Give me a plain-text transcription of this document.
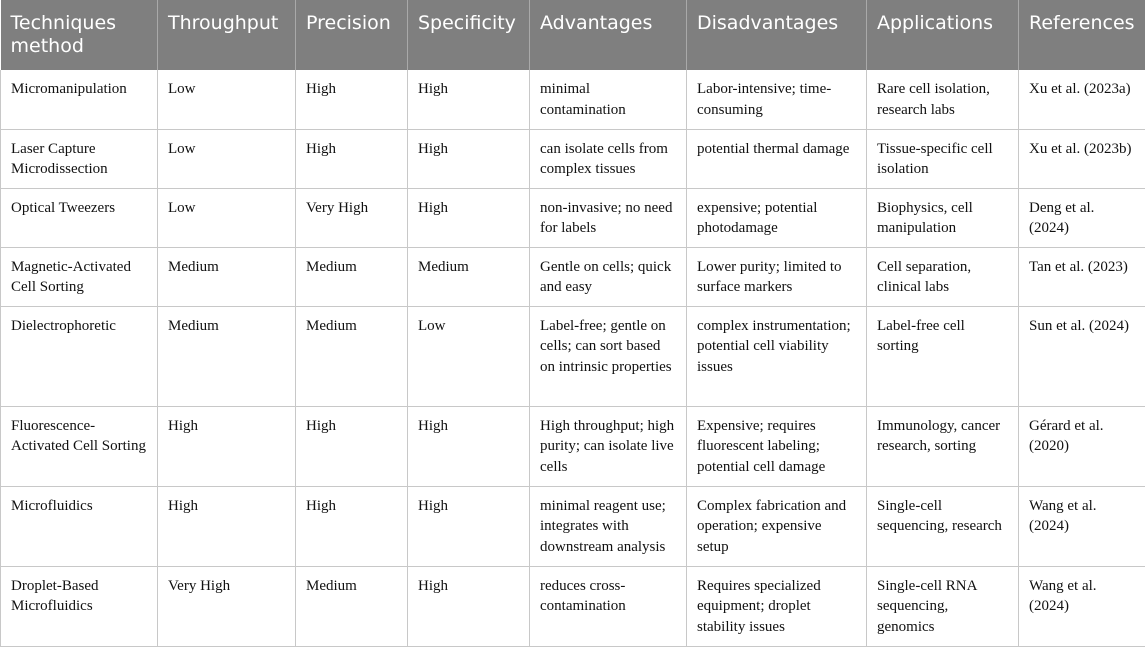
Techniques method	Throughput	Precision	Specificity	Advantages	Disadvantages	Applications	References
Micromanipulation	Low	High	High	minimal contamination	Labor-intensive; time-consuming	Rare cell isolation, research labs	Xu et al. (2023a)
Laser Capture Microdissection	Low	High	High	can isolate cells from complex tissues	potential thermal damage	Tissue-specific cell isolation	Xu et al. (2023b)
Optical Tweezers	Low	Very High	High	non-invasive; no need for labels	expensive; potential photodamage	Biophysics, cell manipulation	Deng et al. (2024)
Magnetic-Activated Cell Sorting	Medium	Medium	Medium	Gentle on cells; quick and easy	Lower purity; limited to surface markers	Cell separation, clinical labs	Tan et al. (2023)
Dielectrophoretic	Medium	Medium	Low	Label-free; gentle on cells; can sort based on intrinsic properties	complex instrumentation; potential cell viability issues	Label-free cell sorting	Sun et al. (2024)
Fluorescence-Activated Cell Sorting	High	High	High	High throughput; high purity; can isolate live cells	Expensive; requires fluorescent labeling; potential cell damage	Immunology, cancer research, sorting	Gérard et al. (2020)
Microfluidics	High	High	High	minimal reagent use; integrates with downstream analysis	Complex fabrication and operation; expensive setup	Single-cell sequencing, research	Wang et al. (2024)
Droplet-Based Microfluidics	Very High	Medium	High	reduces cross-contamination	Requires specialized equipment; droplet stability issues	Single-cell RNA sequencing, genomics	Wang et al. (2024)
